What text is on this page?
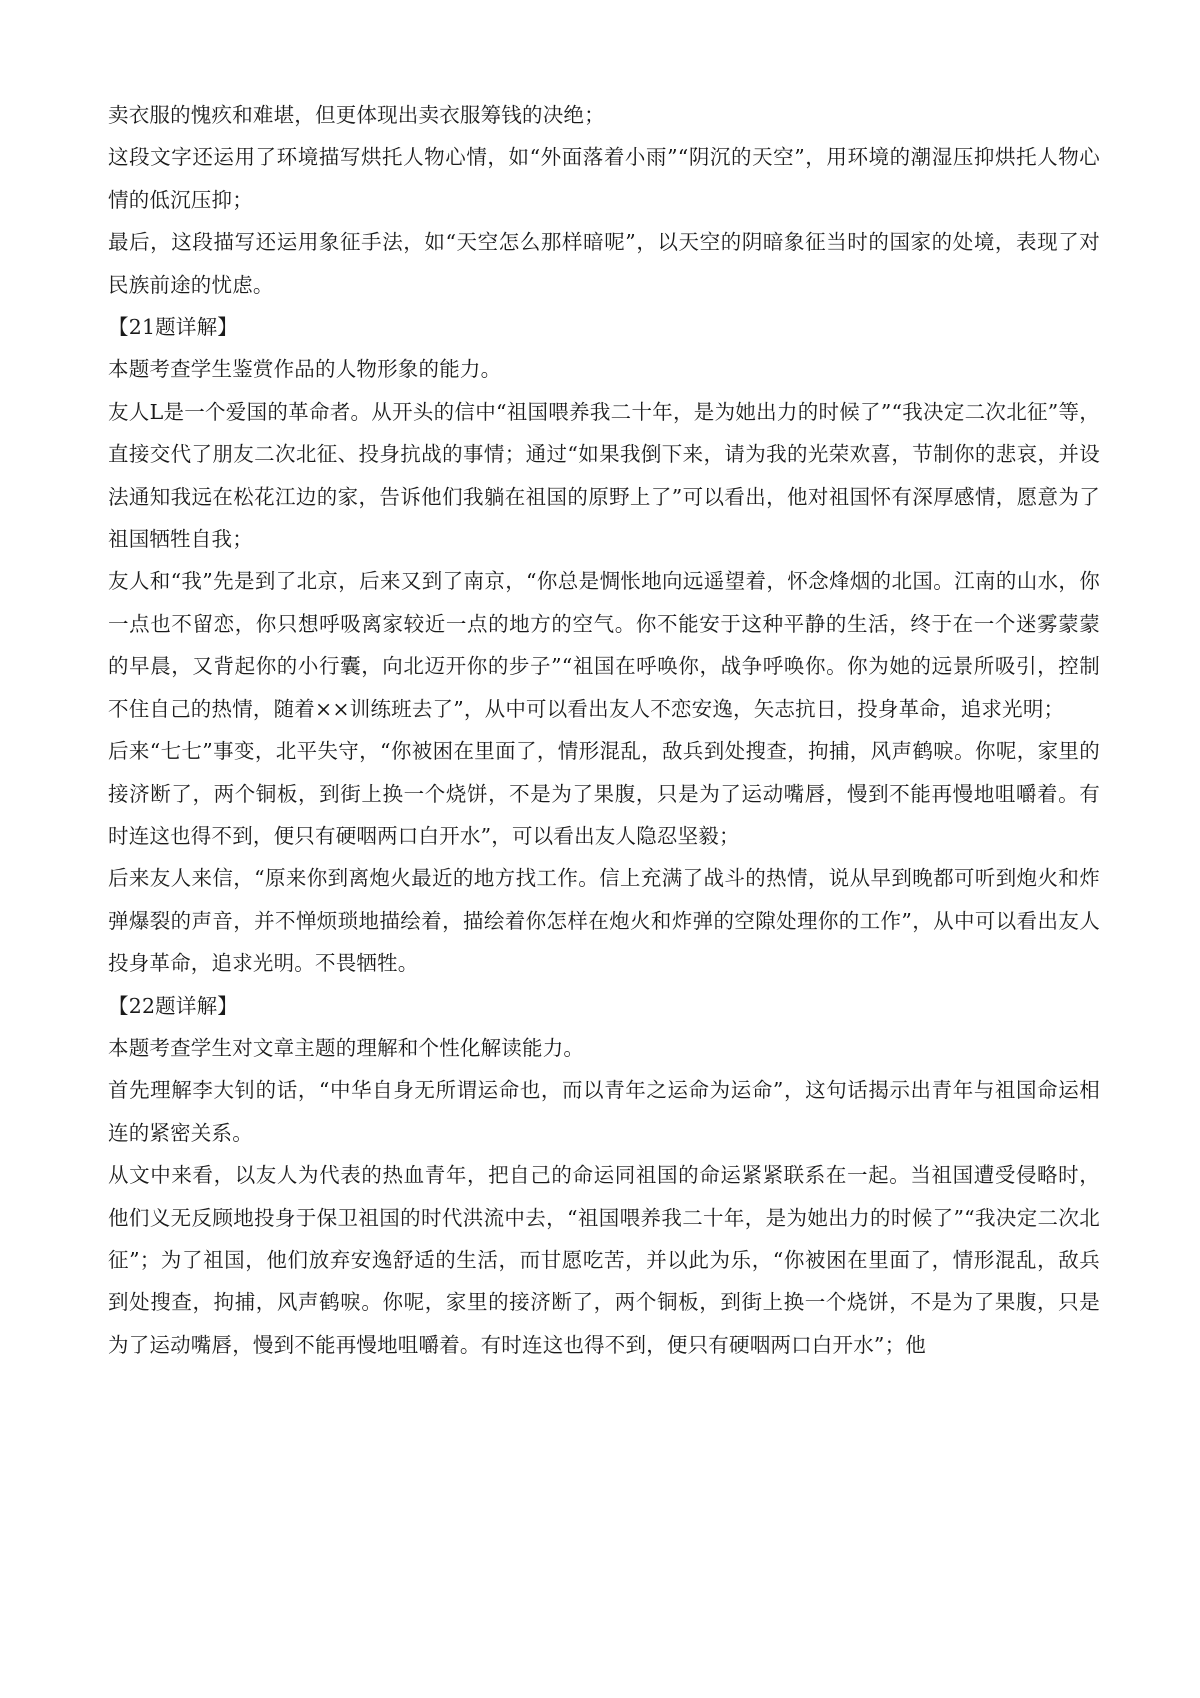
卖衣服的愧疚和难堪，但更体现出卖衣服筹钱的决绝；

这段文字还运用了环境描写烘托人物心情，如“外面落着小雨”“阴沉的天空”，用环境的潮湿压抑烘托人物心情的低沉压抑；

最后，这段描写还运用象征手法，如“天空怎么那样暗呢”，以天空的阴暗象征当时的国家的处境，表现了对民族前途的忧虑。

【21题详解】

本题考查学生鉴赏作品的人物形象的能力。

友人L是一个爱国的革命者。从开头的信中“祖国喂养我二十年，是为她出力的时候了”“我决定二次北征”等，直接交代了朋友二次北征、投身抗战的事情；通过“如果我倒下来，请为我的光荣欢喜，节制你的悲哀，并设法通知我远在松花江边的家，告诉他们我躺在祖国的原野上了”可以看出，他对祖国怀有深厚感情，愿意为了祖国牺牲自我；

友人和“我”先是到了北京，后来又到了南京，“你总是惆怅地向远遥望着，怀念烽烟的北国。江南的山水，你一点也不留恋，你只想呼吸离家较近一点的地方的空气。你不能安于这种平静的生活，终于在一个迷雾蒙蒙的早晨，又背起你的小行囊，向北迈开你的步子”“祖国在呼唤你，战争呼唤你。你为她的远景所吸引，控制不住自己的热情，随着××训练班去了”，从中可以看出友人不恋安逸，矢志抗日，投身革命，追求光明；

后来“七七”事变，北平失守，“你被困在里面了，情形混乱，敌兵到处搜查，拘捕，风声鹤唳。你呢，家里的接济断了，两个铜板，到街上换一个烧饼，不是为了果腹，只是为了运动嘴唇，慢到不能再慢地咀嚼着。有时连这也得不到，便只有硬咽两口白开水”，可以看出友人隐忍坚毅；

后来友人来信，“原来你到离炮火最近的地方找工作。信上充满了战斗的热情，说从早到晚都可听到炮火和炸弹爆裂的声音，并不惮烦琐地描绘着，描绘着你怎样在炮火和炸弹的空隙处理你的工作”，从中可以看出友人投身革命，追求光明。不畏牺牲。

【22题详解】

本题考查学生对文章主题的理解和个性化解读能力。

首先理解李大钊的话，“中华自身无所谓运命也，而以青年之运命为运命”，这句话揭示出青年与祖国命运相连的紧密关系。

从文中来看，以友人为代表的热血青年，把自己的命运同祖国的命运紧紧联系在一起。当祖国遭受侵略时，他们义无反顾地投身于保卫祖国的时代洪流中去，“祖国喂养我二十年，是为她出力的时候了”“我决定二次北征”；为了祖国，他们放弃安逸舒适的生活，而甘愿吃苦，并以此为乐，“你被困在里面了，情形混乱，敌兵到处搜查，拘捕，风声鹤唳。你呢，家里的接济断了，两个铜板，到街上换一个烧饼，不是为了果腹，只是为了运动嘴唇，慢到不能再慢地咀嚼着。有时连这也得不到，便只有硬咽两口白开水”；他
